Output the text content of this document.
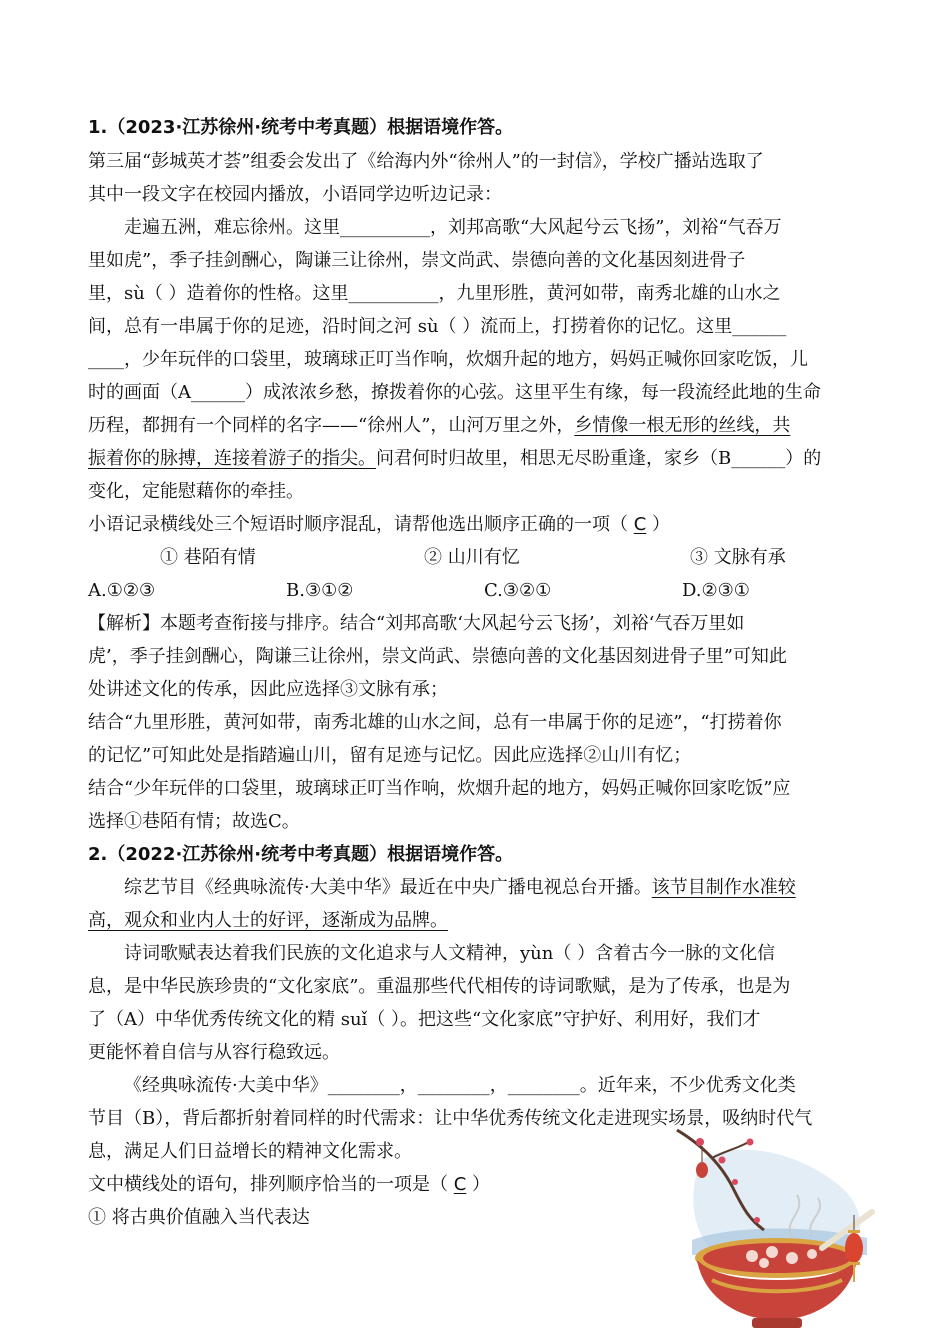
1.（2023·江苏徐州·统考中考真题）根据语境作答。
第三届“彭城英才荟”组委会发出了《给海内外“徐州人”的一封信》，学校广播站选取了
其中一段文字在校园内播放，小语同学边听边记录：
走遍五洲，难忘徐州。这里__________，刘邦高歌“大风起兮云飞扬”，刘裕“气吞万
里如虎”，季子挂剑酬心，陶谦三让徐州，崇文尚武、崇德向善的文化基因刻进骨子
里，sù（ ）造着你的性格。这里__________，九里形胜，黄河如带，南秀北雄的山水之
间，总有一串属于你的足迹，沿时间之河 sù（ ）流而上，打捞着你的记忆。这里______
____，少年玩伴的口袋里，玻璃球正叮当作响，炊烟升起的地方，妈妈正喊你回家吃饭，儿
时的画面（A______）成浓浓乡愁，撩拨着你的心弦。这里平生有缘，每一段流经此地的生命
历程，都拥有一个同样的名字——“徐州人”，山河万里之外，乡情像一根无形的丝线，共
振着你的脉搏，连接着游子的指尖。问君何时归故里，相思无尽盼重逢，家乡（B______）的
变化，定能慰藉你的牵挂。
小语记录横线处三个短语时顺序混乱，请帮他选出顺序正确的一项（ C ）
① 巷陌有情	② 山川有忆	③ 文脉有承
A.①②③	B.③①②	C.③②①	D.②③①
【解析】本题考查衔接与排序。结合“刘邦高歌‘大风起兮云飞扬’，刘裕‘气吞万里如
虎’，季子挂剑酬心，陶谦三让徐州，崇文尚武、崇德向善的文化基因刻进骨子里”可知此
处讲述文化的传承，因此应选择③文脉有承；
结合“九里形胜，黄河如带，南秀北雄的山水之间，总有一串属于你的足迹”，“打捞着你
的记忆”可知此处是指踏遍山川，留有足迹与记忆。因此应选择②山川有忆；
结合“少年玩伴的口袋里，玻璃球正叮当作响，炊烟升起的地方，妈妈正喊你回家吃饭”应
选择①巷陌有情；故选C。
2.（2022·江苏徐州·统考中考真题）根据语境作答。
综艺节目《经典咏流传·大美中华》最近在中央广播电视总台开播。该节目制作水准较
高，观众和业内人士的好评，逐渐成为品牌。
诗词歌赋表达着我们民族的文化追求与人文精神，yùn（ ）含着古今一脉的文化信
息，是中华民族珍贵的“文化家底”。重温那些代代相传的诗词歌赋，是为了传承，也是为
了（A）中华优秀传统文化的精 suǐ（ ）。把这些“文化家底”守护好、利用好，我们才
更能怀着自信与从容行稳致远。
《经典咏流传·大美中华》________，________，________。近年来，不少优秀文化类
节目（B），背后都折射着同样的时代需求：让中华优秀传统文化走进现实场景，吸纳时代气
息，满足人们日益增长的精神文化需求。
文中横线处的语句，排列顺序恰当的一项是（ C ）
① 将古典价值融入当代表达
